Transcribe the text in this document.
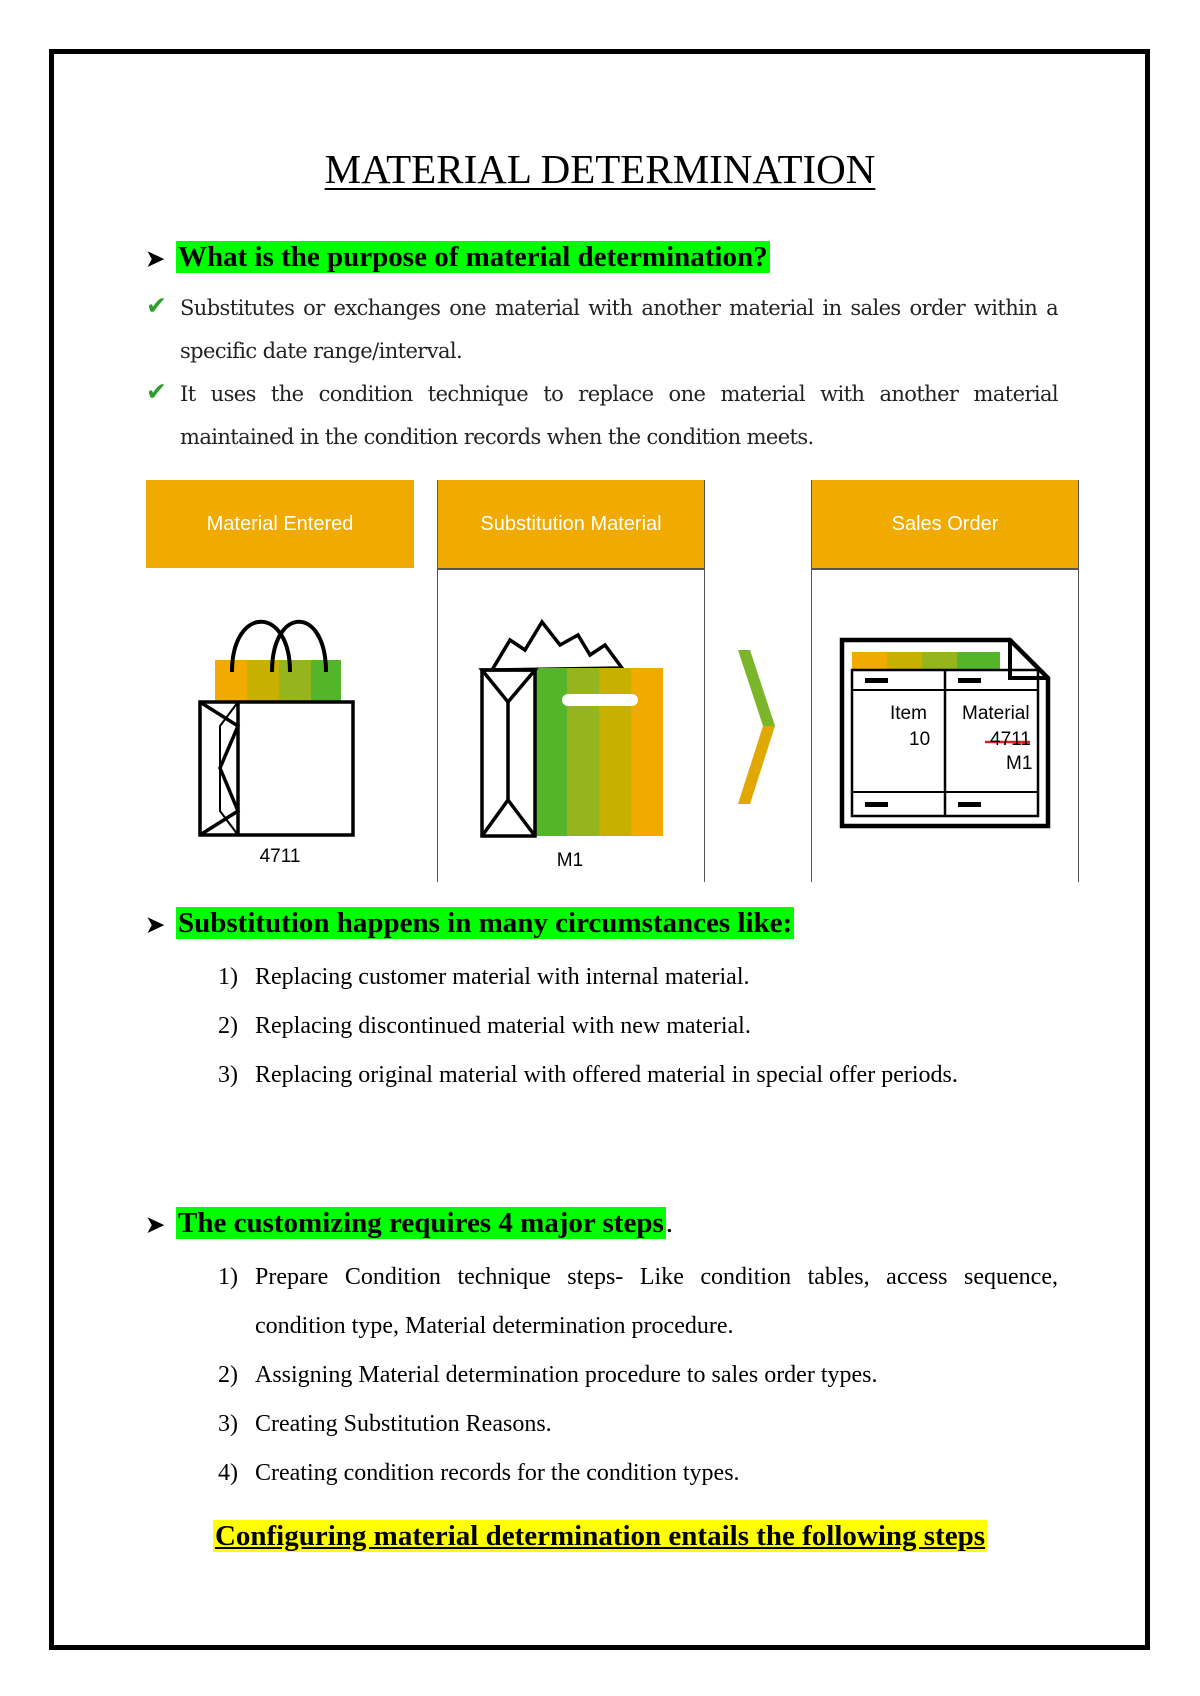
MATERIAL DETERMINATION
➤ What is the purpose of material determination?
✔ Substitutes or exchanges one material with another material in sales order within a specific date range/interval.
✔ It uses the condition technique to replace one material with another material maintained in the condition records when the condition meets.
Material Entered	Substitution Material	Sales Order
4711	M1
Item Material
10	4711
M1
➤ Substitution happens in many circumstances like:
1) Replacing customer material with internal material.
2) Replacing discontinued material with new material.
3) Replacing original material with offered material in special offer periods.
➤ The customizing requires 4 major steps.
1) Prepare Condition technique steps- Like condition tables, access sequence, condition type, Material determination procedure.
2) Assigning Material determination procedure to sales order types.
3) Creating Substitution Reasons.
4) Creating condition records for the condition types.
Configuring material determination entails the following steps
